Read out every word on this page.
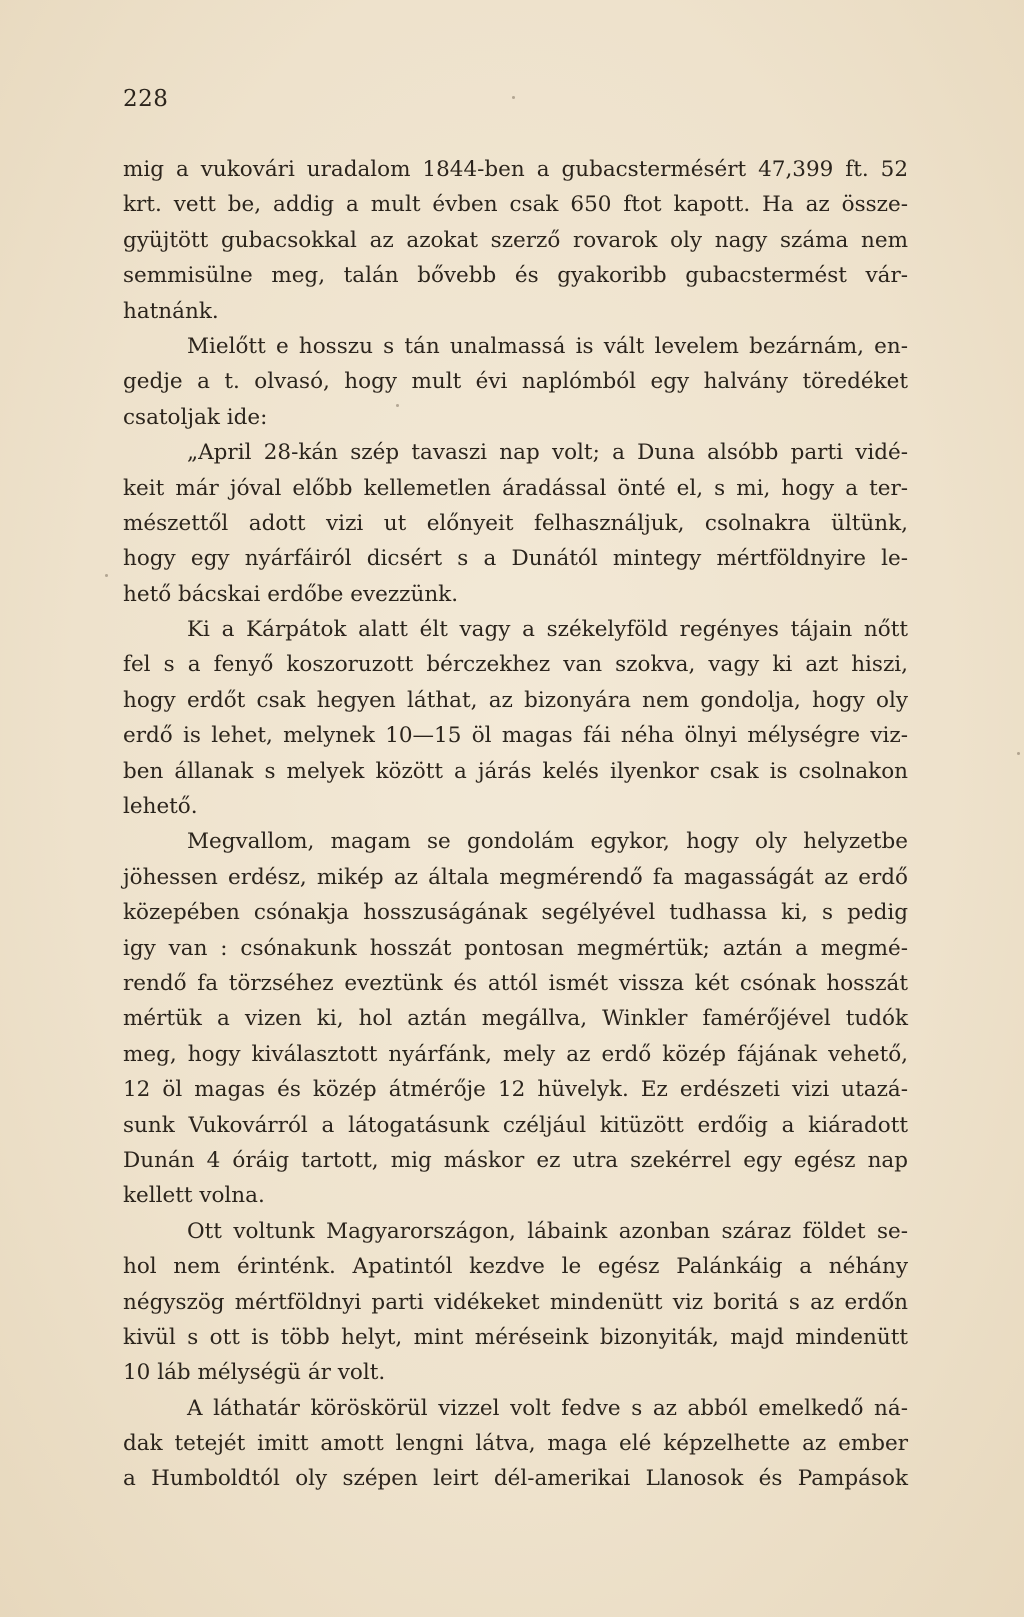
228
mig a vukovári uradalom 1844-ben a gubacstermésért 47,399 ft. 52
krt. vett be, addig a mult évben csak 650 ftot kapott. Ha az össze-
gyüjtött gubacsokkal az azokat szerző rovarok oly nagy száma nem
semmisülne meg, talán bővebb és gyakoribb gubacstermést vár-
hatnánk.
Mielőtt e hosszu s tán unalmassá is vált levelem bezárnám, en-
gedje a t. olvasó, hogy mult évi naplómból egy halvány töredéket
csatoljak ide:
„April 28-kán szép tavaszi nap volt; a Duna alsóbb parti vidé-
keit már jóval előbb kellemetlen áradással önté el, s mi, hogy a ter-
mészettől adott vizi ut előnyeit felhasználjuk, csolnakra ültünk,
hogy egy nyárfáiról dicsért s a Dunától mintegy mértföldnyire le-
hető bácskai erdőbe evezzünk.
Ki a Kárpátok alatt élt vagy a székelyföld regényes tájain nőtt
fel s a fenyő koszoruzott bérczekhez van szokva, vagy ki azt hiszi,
hogy erdőt csak hegyen láthat, az bizonyára nem gondolja, hogy oly
erdő is lehet, melynek 10—15 öl magas fái néha ölnyi mélységre viz-
ben állanak s melyek között a járás kelés ilyenkor csak is csolnakon
lehető.
Megvallom, magam se gondolám egykor, hogy oly helyzetbe
jöhessen erdész, mikép az általa megmérendő fa magasságát az erdő
közepében csónakja hosszuságának segélyével tudhassa ki, s pedig
igy van : csónakunk hosszát pontosan megmértük; aztán a megmé-
rendő fa törzséhez eveztünk és attól ismét vissza két csónak hosszát
mértük a vizen ki, hol aztán megállva, Winkler famérőjével tudók
meg, hogy kiválasztott nyárfánk, mely az erdő közép fájának vehető,
12 öl magas és közép átmérője 12 hüvelyk. Ez erdészeti vizi utazá-
sunk Vukovárról a látogatásunk czéljául kitüzött erdőig a kiáradott
Dunán 4 óráig tartott, mig máskor ez utra szekérrel egy egész nap
kellett volna.
Ott voltunk Magyarországon, lábaink azonban száraz földet se-
hol nem érinténk. Apatintól kezdve le egész Palánkáig a néhány
négyszög mértföldnyi parti vidékeket mindenütt viz boritá s az erdőn
kivül s ott is több helyt, mint méréseink bizonyiták, majd mindenütt
10 láb mélységü ár volt.
A láthatár köröskörül vizzel volt fedve s az abból emelkedő ná-
dak tetejét imitt amott lengni látva, maga elé képzelhette az ember
a Humboldtól oly szépen leirt dél-amerikai Llanosok és Pampások
